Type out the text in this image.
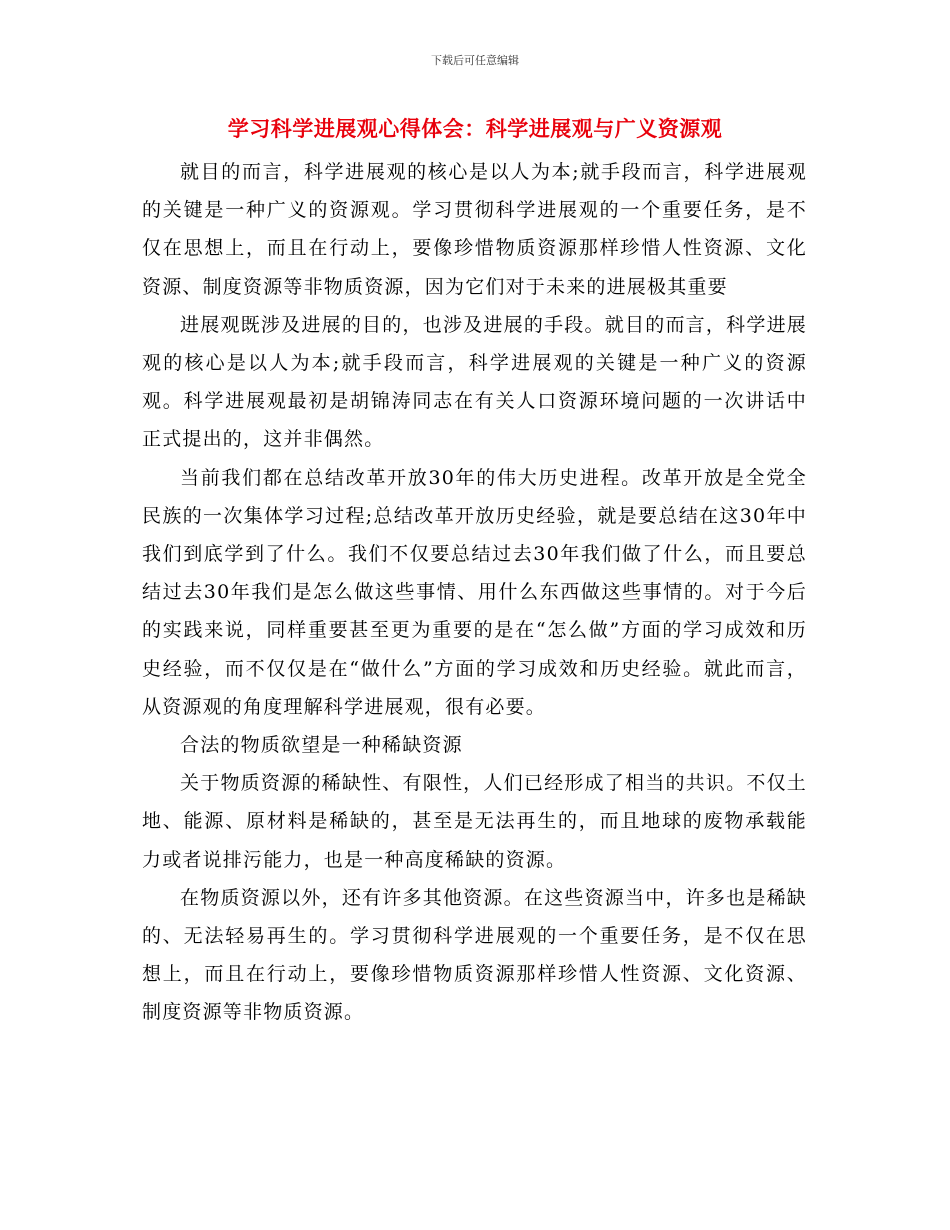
下载后可任意编辑
学习科学进展观心得体会：科学进展观与广义资源观

就目的而言，科学进展观的核心是以人为本;就手段而言，科学进展观的关键是一种广义的资源观。学习贯彻科学进展观的一个重要任务，是不仅在思想上，而且在行动上，要像珍惜物质资源那样珍惜人性资源、文化资源、制度资源等非物质资源，因为它们对于未来的进展极其重要

进展观既涉及进展的目的，也涉及进展的手段。就目的而言，科学进展观的核心是以人为本;就手段而言，科学进展观的关键是一种广义的资源观。科学进展观最初是胡锦涛同志在有关人口资源环境问题的一次讲话中正式提出的，这并非偶然。

当前我们都在总结改革开放30年的伟大历史进程。改革开放是全党全民族的一次集体学习过程;总结改革开放历史经验，就是要总结在这30年中我们到底学到了什么。我们不仅要总结过去30年我们做了什么，而且要总结过去30年我们是怎么做这些事情、用什么东西做这些事情的。对于今后的实践来说，同样重要甚至更为重要的是在“怎么做”方面的学习成效和历史经验，而不仅仅是在“做什么”方面的学习成效和历史经验。就此而言，从资源观的角度理解科学进展观，很有必要。

合法的物质欲望是一种稀缺资源

关于物质资源的稀缺性、有限性，人们已经形成了相当的共识。不仅土地、能源、原材料是稀缺的，甚至是无法再生的，而且地球的废物承载能力或者说排污能力，也是一种高度稀缺的资源。

在物质资源以外，还有许多其他资源。在这些资源当中，许多也是稀缺的、无法轻易再生的。学习贯彻科学进展观的一个重要任务，是不仅在思想上，而且在行动上，要像珍惜物质资源那样珍惜人性资源、文化资源、制度资源等非物质资源。
